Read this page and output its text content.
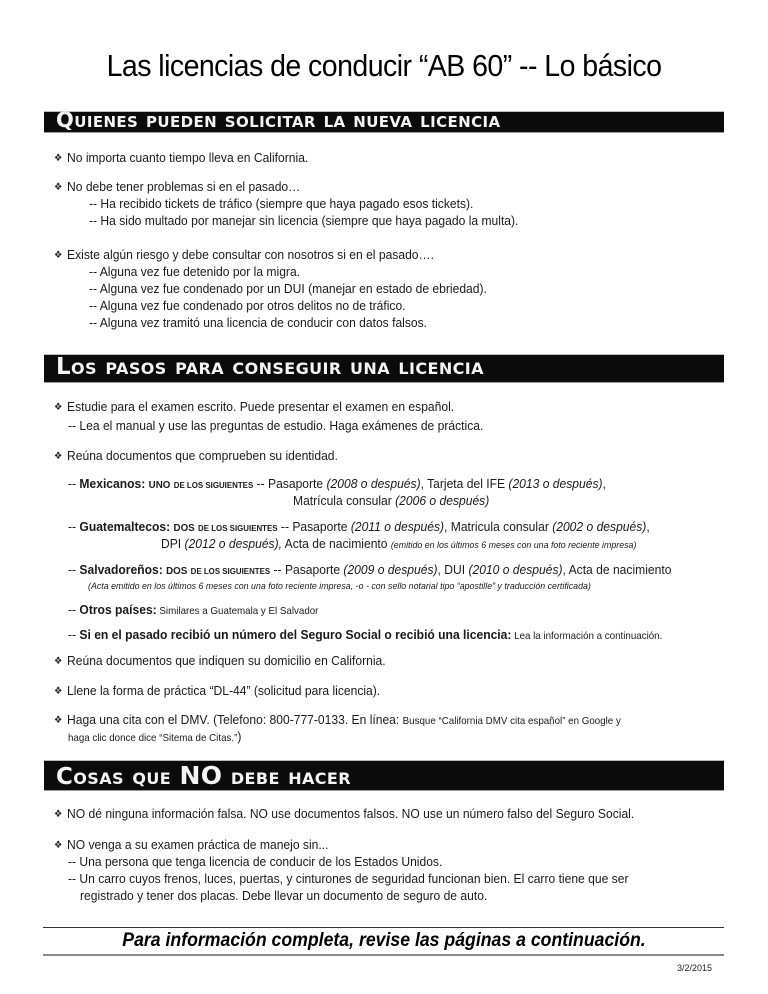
Las licencias de conducir “AB 60” -- Lo básico
Quienes pueden solicitar la nueva licencia
❖ No importa cuanto tiempo lleva en California.
❖ No debe tener problemas si en el pasado…
-- Ha recibido tickets de tráfico (siempre que haya pagado esos tickets).
-- Ha sido multado por manejar sin licencia (siempre que haya pagado la multa).
❖ Existe algún riesgo y debe consultar con nosotros si en el pasado….
-- Alguna vez fue detenido por la migra.
-- Alguna vez fue condenado por un DUI (manejar en estado de ebriedad).
-- Alguna vez fue condenado por otros delitos no de tráfico.
-- Alguna vez tramitó una licencia de conducir con datos falsos.
Los pasos para conseguir una licencia
❖ Estudie para el examen escrito. Puede presentar el examen en español.
-- Lea el manual y use las preguntas de estudio. Haga exámenes de práctica.
❖ Reúna documentos que comprueben su identidad.
-- Mexicanos: UNO DE LOS SIGUIENTES -- Pasaporte (2008 o después), Tarjeta del IFE (2013 o después),
Matrícula consular (2006 o después)
-- Guatemaltecos: DOS DE LOS SIGUIENTES -- Pasaporte (2011 o después), Matricula consular (2002 o después),
DPI (2012 o después), Acta de nacimiento (emitido en los últimos 6 meses con una foto reciente impresa)
-- Salvadoreños: DOS DE LOS SIGUIENTES -- Pasaporte (2009 o después), DUI (2010 o después), Acta de nacimiento
(Acta emitido en los últimos 6 meses con una foto reciente impresa, -o - con sello notarial tipo “apostille” y traducción certificada)
-- Otros países: Similares a Guatemala y El Salvador
-- Si en el pasado recibió un número del Seguro Social o recibió una licencia: Lea la información a continuación.
❖ Reúna documentos que indiquen su domicilio en California.
❖ Llene la forma de práctica “DL-44” (solicitud para licencia).
❖ Haga una cita con el DMV. (Telefono: 800-777-0133. En línea: Busque “California DMV cita español” en Google y
haga clic donce dice “Sitema de Citas.”)
Cosas que NO debe hacer
❖ NO dé ninguna información falsa. NO use documentos falsos. NO use un número falso del Seguro Social.
❖ NO venga a su examen práctica de manejo sin...
-- Una persona que tenga licencia de conducir de los Estados Unidos.
-- Un carro cuyos frenos, luces, puertas, y cinturones de seguridad funcionan bien. El carro tiene que ser
registrado y tener dos placas. Debe llevar un documento de seguro de auto.
Para información completa, revise las páginas a continuación.
3/2/2015
